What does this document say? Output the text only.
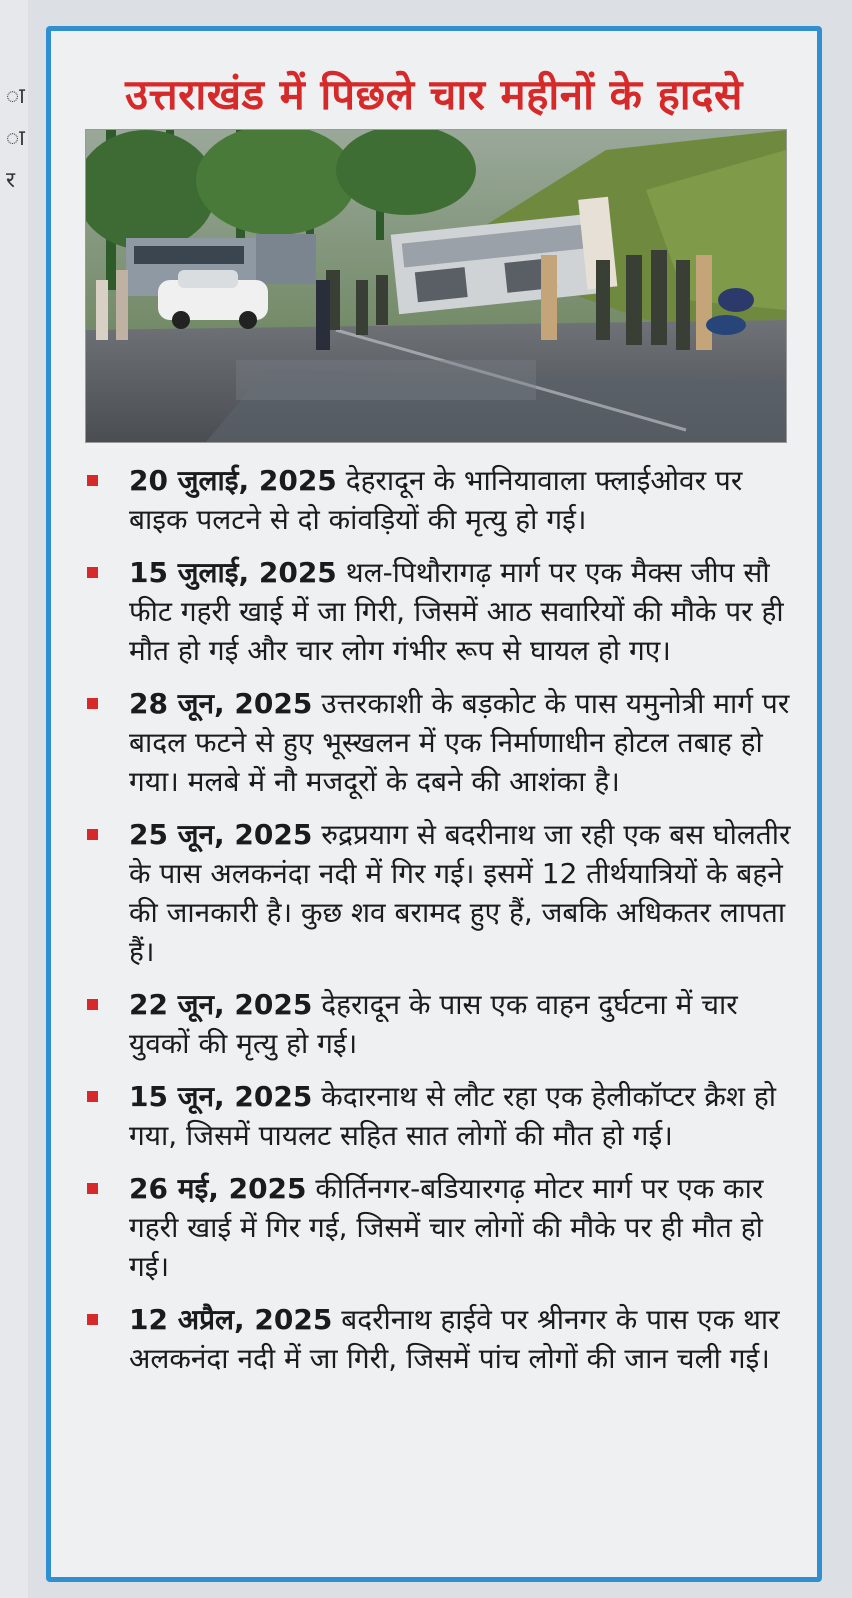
ा
ा
र
उत्तराखंड में पिछले चार महीनों के हादसे
20 जुलाई, 2025 देहरादून के भानियावाला फ्लाईओवर पर बाइक पलटने से दो कांवड़ियों की मृत्यु हो गई।
15 जुलाई, 2025 थल-पिथौरागढ़ मार्ग पर एक मैक्स जीप सौ फीट गहरी खाई में जा गिरी, जिसमें आठ सवारियों की मौके पर ही मौत हो गई और चार लोग गंभीर रूप से घायल हो गए।
28 जून, 2025 उत्तरकाशी के बड़कोट के पास यमुनोत्री मार्ग पर बादल फटने से हुए भूस्खलन में एक निर्माणाधीन होटल तबाह हो गया। मलबे में नौ मजदूरों के दबने की आशंका है।
25 जून, 2025 रुद्रप्रयाग से बदरीनाथ जा रही एक बस घोलतीर के पास अलकनंदा नदी में गिर गई। इसमें 12 तीर्थयात्रियों के बहने की जानकारी है। कुछ शव बरामद हुए हैं, जबकि अधिकतर लापता हैं।
22 जून, 2025 देहरादून के पास एक वाहन दुर्घटना में चार युवकों की मृत्यु हो गई।
15 जून, 2025 केदारनाथ से लौट रहा एक हेलीकॉप्टर क्रैश हो गया, जिसमें पायलट सहित सात लोगों की मौत हो गई।
26 मई, 2025 कीर्तिनगर-बडियारगढ़ मोटर मार्ग पर एक कार गहरी खाई में गिर गई, जिसमें चार लोगों की मौके पर ही मौत हो गई।
12 अप्रैल, 2025 बदरीनाथ हाईवे पर श्रीनगर के पास एक थार अलकनंदा नदी में जा गिरी, जिसमें पांच लोगों की जान चली गई।
